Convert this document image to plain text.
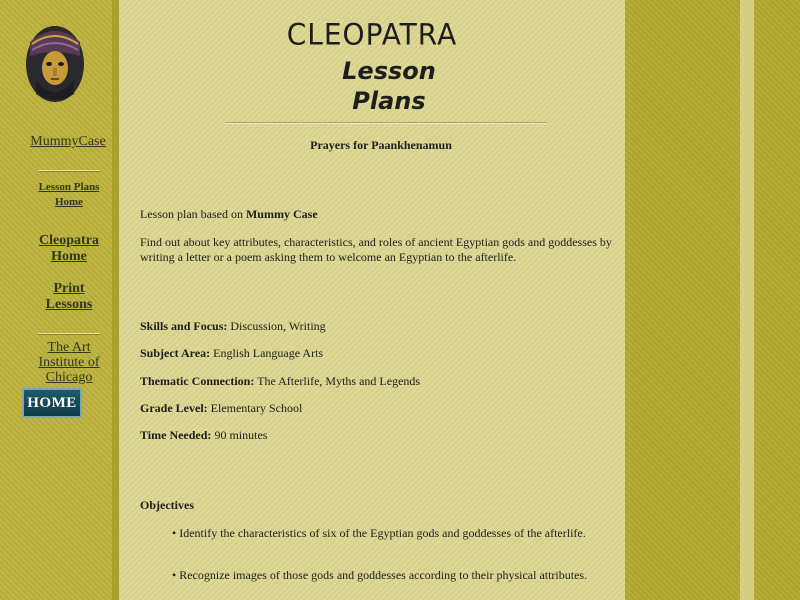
MummyCase
Lesson Plans Home
Cleopatra Home
Print Lessons
The Art Institute of Chicago
HOME
CLEOPATRA
Lesson
Plans
Prayers for Paankhenamun
Lesson plan based on Mummy Case
Find out about key attributes, characteristics, and roles of ancient Egyptian gods and goddesses by writing a letter or a poem asking them to welcome an Egyptian to the afterlife.
Skills and Focus: Discussion, Writing
Subject Area: English Language Arts
Thematic Connection: The Afterlife, Myths and Legends
Grade Level: Elementary School
Time Needed: 90 minutes
Objectives
• Identify the characteristics of six of the Egyptian gods and goddesses of the afterlife.
• Recognize images of those gods and goddesses according to their physical attributes.
